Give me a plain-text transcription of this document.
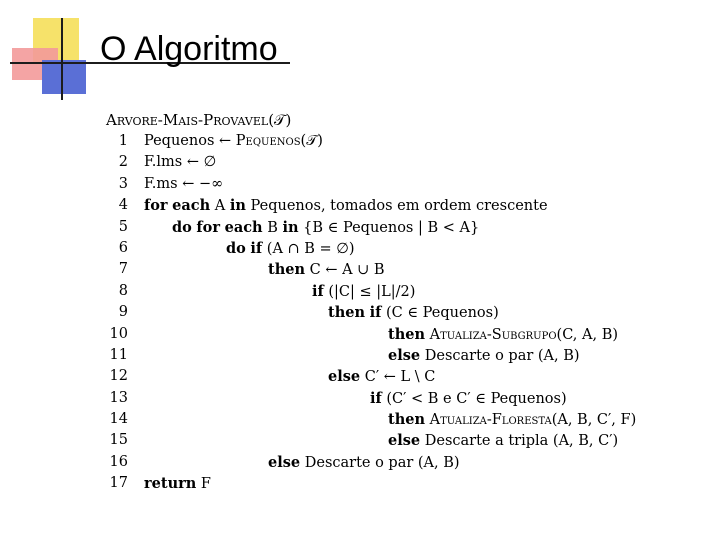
O Algoritmo
Arvore-Mais-Provavel(𝒯)
1 Pequenos ← Pequenos(𝒯)
2 F.lms ← ∅
3 F.ms ← −∞
4 for each A in Pequenos, tomados em ordem crescente
5	do for each B in {B ∈ Pequenos | B < A}
6	do if (A ∩ B = ∅)
7	then C ← A ∪ B
8	if (|C| ≤ |L|/2)
9	then if (C ∈ Pequenos)
10	then Atualiza-Subgrupo(C, A, B)
11	else Descarte o par (A, B)
12	else C′ ← L \ C
13	if (C′ < B e C′ ∈ Pequenos)
14	then Atualiza-Floresta(A, B, C′, F)
15	else Descarte a tripla (A, B, C′)
16	else Descarte o par (A, B)
17 return F
